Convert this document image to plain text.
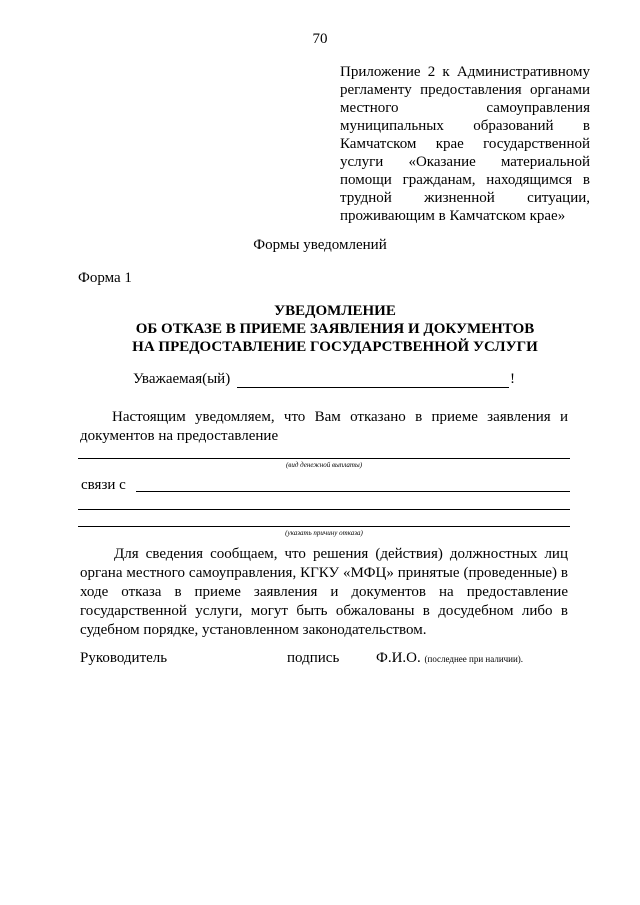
70
Приложение 2 к Административному регламенту предоставления органами местного самоуправления муниципальных образований в Камчатском крае государственной услуги «Оказание материальной помощи гражданам, находящимся в трудной жизненной ситуации, проживающим в Камчатском крае»
Формы уведомлений
Форма 1
УВЕДОМЛЕНИЕ
ОБ ОТКАЗЕ В ПРИЕМЕ ЗАЯВЛЕНИЯ И ДОКУМЕНТОВ
НА ПРЕДОСТАВЛЕНИЕ ГОСУДАРСТВЕННОЙ УСЛУГИ
Уважаемая(ый)	!
Настоящим уведомляем, что Вам отказано в приеме заявления и документов на предоставление
(вид денежной выплаты)
связи с
(указать причину отказа)
Для сведения сообщаем, что решения (действия) должностных лиц органа местного самоуправления, КГКУ «МФЦ» принятые (проведенные) в ходе отказа в приеме заявления и документов на предоставление государственной услуги, могут быть обжалованы в досудебном либо в судебном порядке, установленном законодательством.
Руководитель	подпись Ф.И.О. (последнее при наличии).
